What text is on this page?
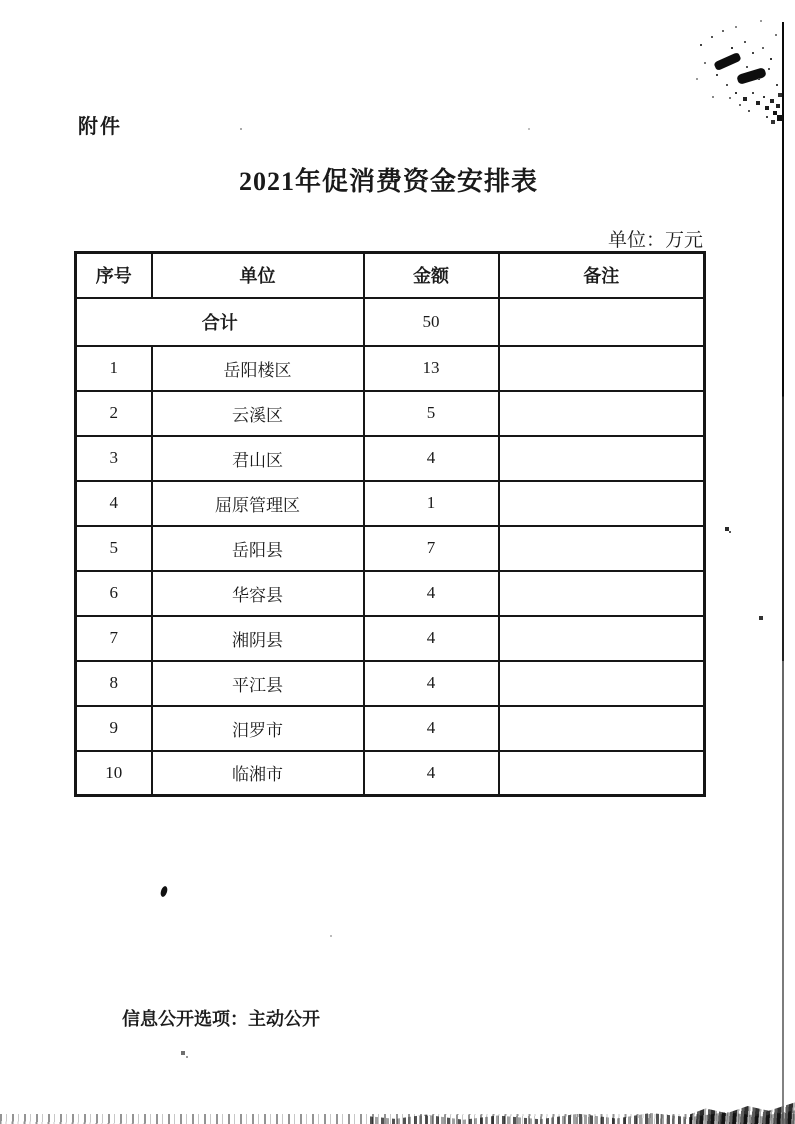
附件
2021年促消费资金安排表
单位：万元
序号	单位	金额	备注
合计		50	
1	岳阳楼区	13	
2	云溪区	5	
3	君山区	4	
4	屈原管理区	1	
5	岳阳县	7	
6	华容县	4	
7	湘阴县	4	
8	平江县	4	
9	汨罗市	4	
10	临湘市	4	
信息公开选项：主动公开
